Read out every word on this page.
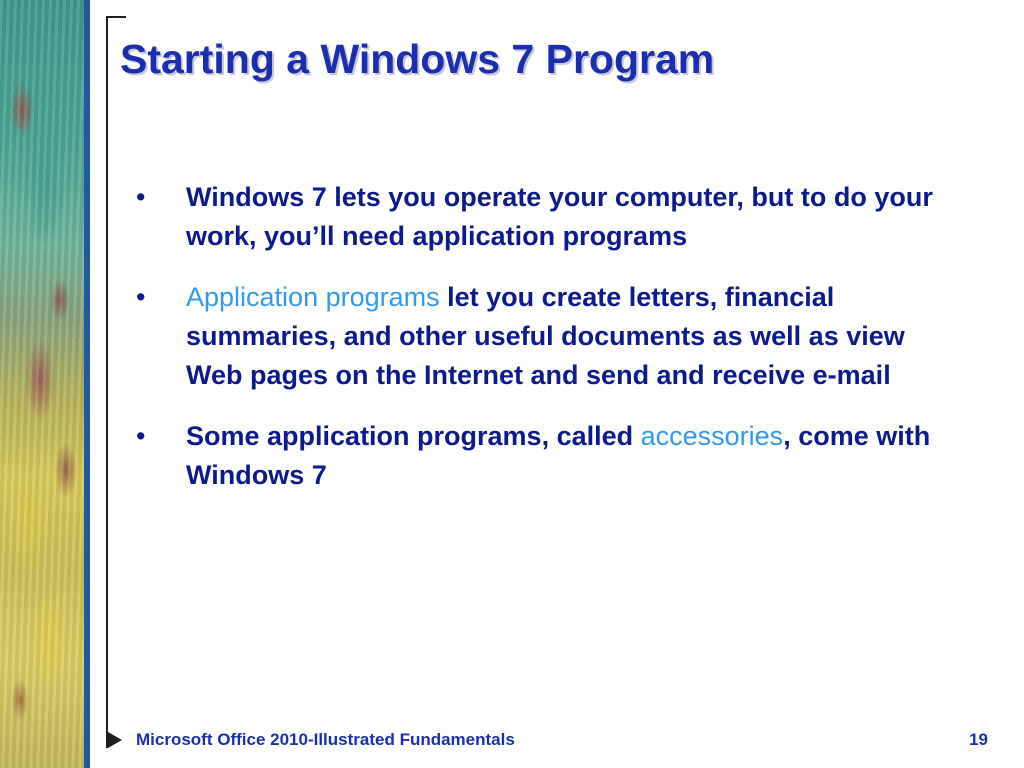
Starting a Windows 7 Program
• Windows 7 lets you operate your computer, but to do your work, you’ll need application programs
• Application programs let you create letters, financial summaries, and other useful documents as well as view Web pages on the Internet and send and receive e-mail
• Some application programs, called accessories, come with Windows 7
Microsoft Office 2010-Illustrated Fundamentals	19
